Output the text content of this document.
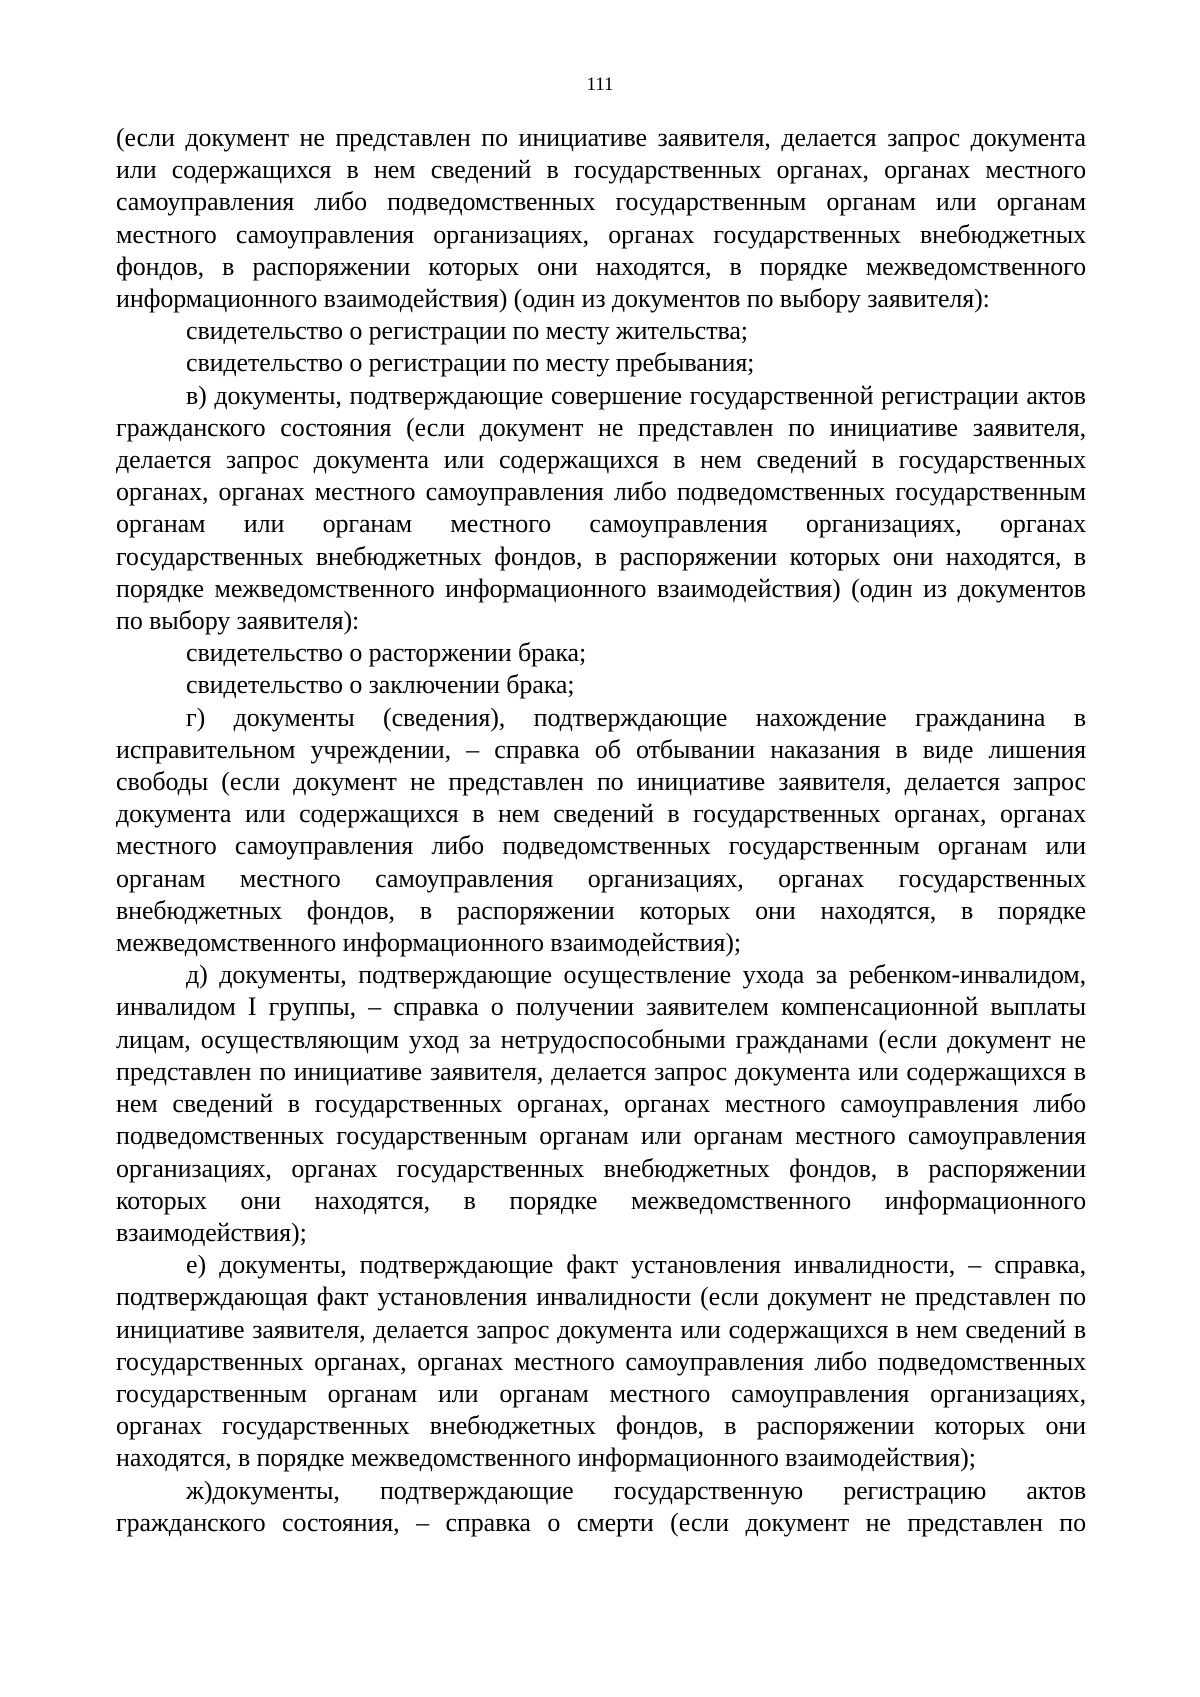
111

(если документ не представлен по инициативе заявителя, делается запрос документа или содержащихся в нем сведений в государственных органах, органах местного самоуправления либо подведомственных государственным органам или органам местного самоуправления организациях, органах государственных внебюджетных фондов, в распоряжении которых они находятся, в порядке межведомственного информационного взаимодействия) (один из документов по выбору заявителя):

свидетельство о регистрации по месту жительства;

свидетельство о регистрации по месту пребывания;

в) документы, подтверждающие совершение государственной регистрации актов гражданского состояния (если документ не представлен по инициативе заявителя, делается запрос документа или содержащихся в нем сведений в государственных органах, органах местного самоуправления либо подведомственных государственным органам или органам местного самоуправления организациях, органах государственных внебюджетных фондов, в распоряжении которых они находятся, в порядке межведомственного информационного взаимодействия) (один из документов по выбору заявителя):

свидетельство о расторжении брака;

свидетельство о заключении брака;

г) документы (сведения), подтверждающие нахождение гражданина в исправительном учреждении, – справка об отбывании наказания в виде лишения свободы (если документ не представлен по инициативе заявителя, делается запрос документа или содержащихся в нем сведений в государственных органах, органах местного самоуправления либо подведомственных государственным органам или органам местного самоуправления организациях, органах государственных внебюджетных фондов, в распоряжении которых они находятся, в порядке межведомственного информационного взаимодействия);

д) документы, подтверждающие осуществление ухода за ребенком-инвалидом, инвалидом I группы, – справка о получении заявителем компенсационной выплаты лицам, осуществляющим уход за нетрудоспособными гражданами (если документ не представлен по инициативе заявителя, делается запрос документа или содержащихся в нем сведений в государственных органах, органах местного самоуправления либо подведомственных государственным органам или органам местного самоуправления организациях, органах государственных внебюджетных фондов, в распоряжении которых они находятся, в порядке межведомственного информационного взаимодействия);

е) документы, подтверждающие факт установления инвалидности, – справка, подтверждающая факт установления инвалидности (если документ не представлен по инициативе заявителя, делается запрос документа или содержащихся в нем сведений в государственных органах, органах местного самоуправления либо подведомственных государственным органам или органам местного самоуправления организациях, органах государственных внебюджетных фондов, в распоряжении которых они находятся, в порядке межведомственного информационного взаимодействия);

ж)документы, подтверждающие государственную регистрацию актов гражданского состояния, – справка о смерти (если документ не представлен по
